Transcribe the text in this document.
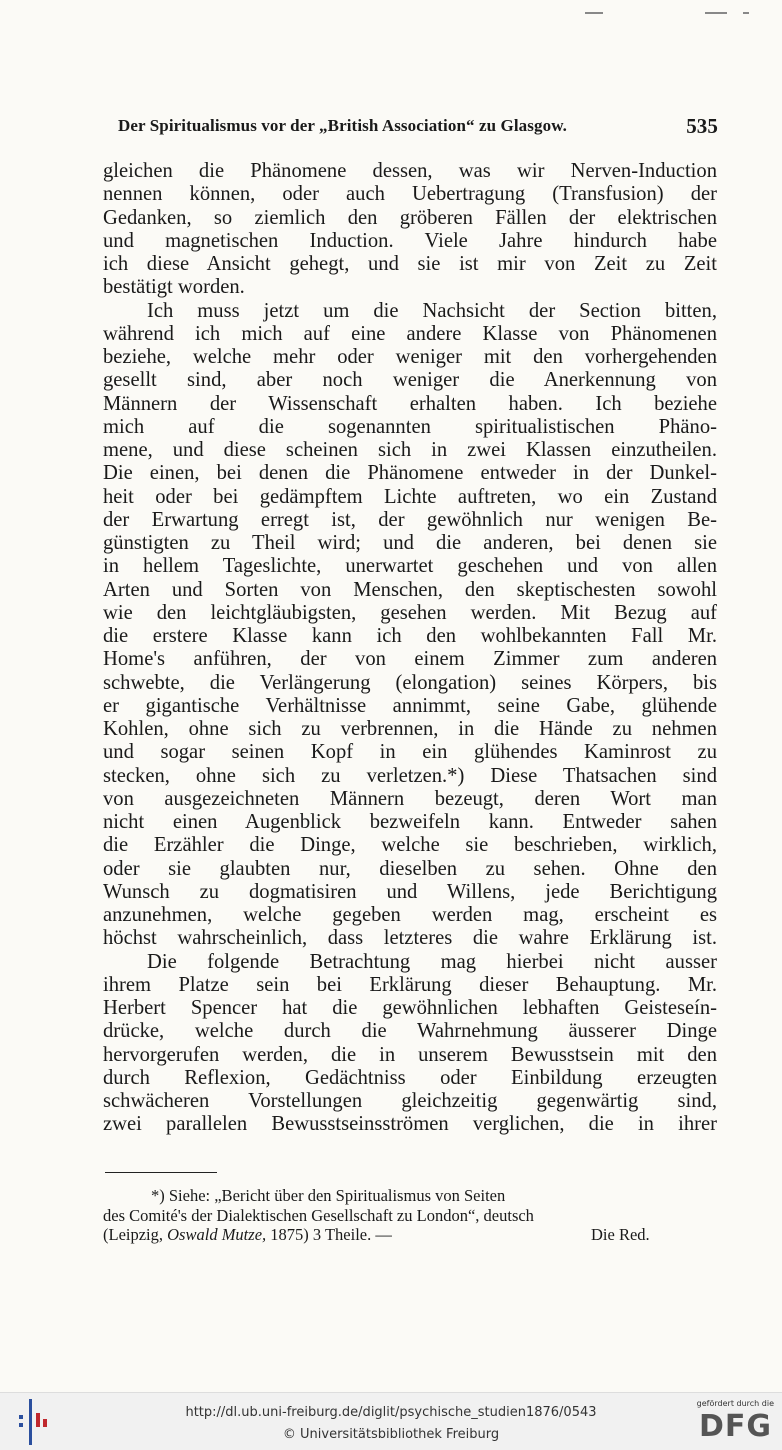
Der Spiritualismus vor der „British Association“ zu Glasgow.	535
gleichen die Phänomene dessen, was wir Nerven-Induction
nennen können, oder auch Uebertragung (Transfusion) der
Gedanken, so ziemlich den gröberen Fällen der elektrischen
und magnetischen Induction. Viele Jahre hindurch habe
ich diese Ansicht gehegt, und sie ist mir von Zeit zu Zeit
bestätigt worden.
Ich muss jetzt um die Nachsicht der Section bitten,
während ich mich auf eine andere Klasse von Phänomenen
beziehe, welche mehr oder weniger mit den vorhergehenden
gesellt sind, aber noch weniger die Anerkennung von
Männern der Wissenschaft erhalten haben. Ich beziehe
mich auf die sogenannten spiritualistischen Phäno-
mene, und diese scheinen sich in zwei Klassen einzutheilen.
Die einen, bei denen die Phänomene entweder in der Dunkel-
heit oder bei gedämpftem Lichte auftreten, wo ein Zustand
der Erwartung erregt ist, der gewöhnlich nur wenigen Be-
günstigten zu Theil wird; und die anderen, bei denen sie
in hellem Tageslichte, unerwartet geschehen und von allen
Arten und Sorten von Menschen, den skeptischesten sowohl
wie den leichtgläubigsten, gesehen werden. Mit Bezug auf
die erstere Klasse kann ich den wohlbekannten Fall Mr.
Home's anführen, der von einem Zimmer zum anderen
schwebte, die Verlängerung (elongation) seines Körpers, bis
er gigantische Verhältnisse annimmt, seine Gabe, glühende
Kohlen, ohne sich zu verbrennen, in die Hände zu nehmen
und sogar seinen Kopf in ein glühendes Kaminrost zu
stecken, ohne sich zu verletzen.*) Diese Thatsachen sind
von ausgezeichneten Männern bezeugt, deren Wort man
nicht einen Augenblick bezweifeln kann. Entweder sahen
die Erzähler die Dinge, welche sie beschrieben, wirklich,
oder sie glaubten nur, dieselben zu sehen. Ohne den
Wunsch zu dogmatisiren und Willens, jede Berichtigung
anzunehmen, welche gegeben werden mag, erscheint es
höchst wahrscheinlich, dass letzteres die wahre Erklärung ist.
Die folgende Betrachtung mag hierbei nicht ausser
ihrem Platze sein bei Erklärung dieser Behauptung. Mr.
Herbert Spencer hat die gewöhnlichen lebhaften Geisteseín-
drücke, welche durch die Wahrnehmung äusserer Dinge
hervorgerufen werden, die in unserem Bewusstsein mit den
durch Reflexion, Gedächtniss oder Einbildung erzeugten
schwächeren Vorstellungen gleichzeitig gegenwärtig sind,
zwei parallelen Bewusstseinsströmen verglichen, die in ihrer
*) Siehe: „Bericht über den Spiritualismus von Seiten
des Comité's der Dialektischen Gesellschaft zu London“, deutsch
(Leipzig, Oswald Mutze, 1875) 3 Theile. —	Die Red.
http://dl.ub.uni-freiburg.de/diglit/psychische_studien1876/0543
© Universitätsbibliothek Freiburg
gefördert durch die
DFG
